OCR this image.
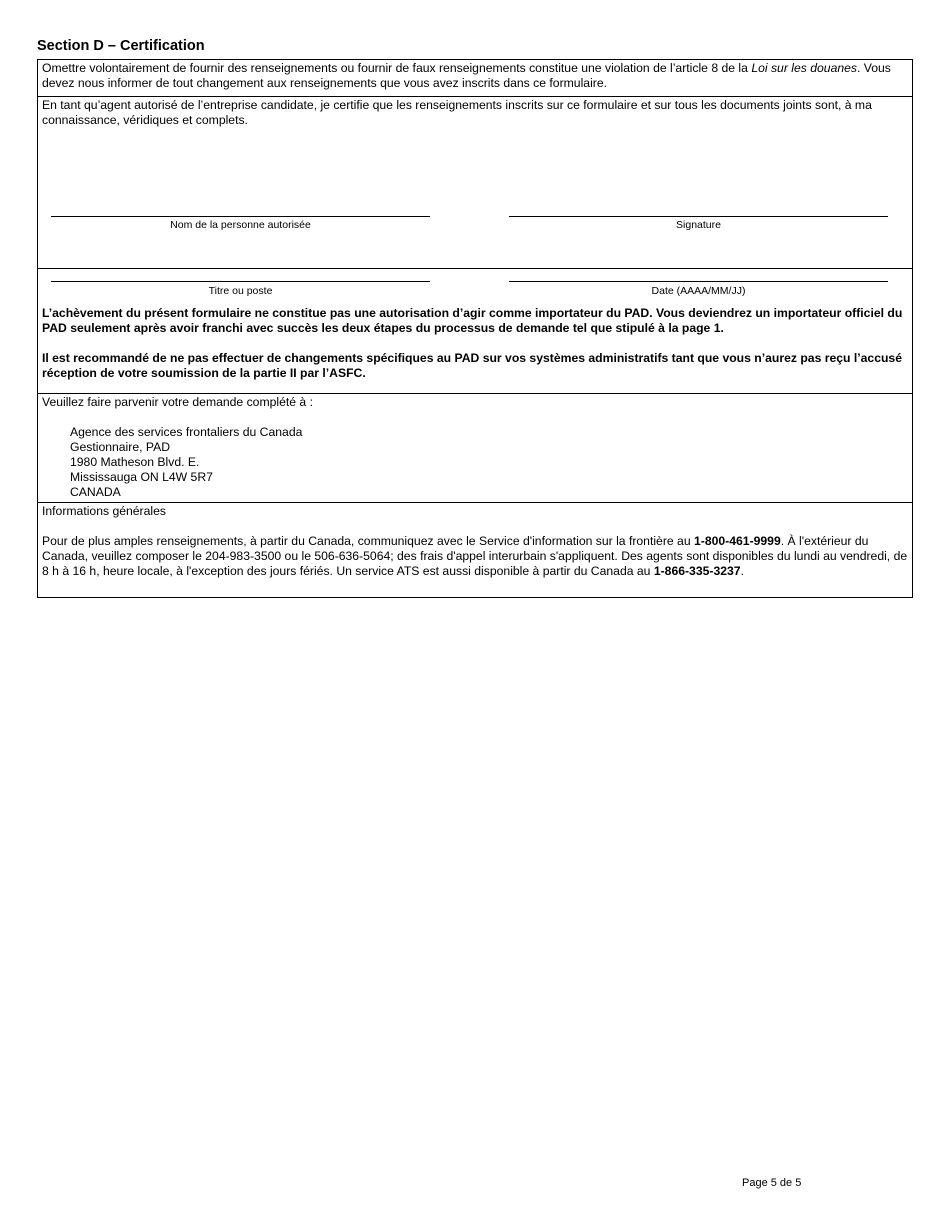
Section D – Certification

Omettre volontairement de fournir des renseignements ou fournir de faux renseignements constitue une violation de l’article 8 de la Loi sur les douanes. Vous devez nous informer de tout changement aux renseignements que vous avez inscrits dans ce formulaire.

En tant qu’agent autorisé de l’entreprise candidate, je certifie que les renseignements inscrits sur ce formulaire et sur tous les documents joints sont, à ma connaissance, véridiques et complets.

Nom de la personne autorisée	Signature
Titre ou poste	Date (AAAA/MM/JJ)

L’achèvement du présent formulaire ne constitue pas une autorisation d’agir comme importateur du PAD. Vous deviendrez un importateur officiel du PAD seulement après avoir franchi avec succès les deux étapes du processus de demande tel que stipulé à la page 1.

Il est recommandé de ne pas effectuer de changements spécifiques au PAD sur vos systèmes administratifs tant que vous n’aurez pas reçu l’accusé réception de votre soumission de la partie II par l’ASFC.

Veuillez faire parvenir votre demande complété à :

Agence des services frontaliers du Canada
Gestionnaire, PAD
1980 Matheson Blvd. E.
Mississauga ON L4W 5R7
CANADA

Informations générales

Pour de plus amples renseignements, à partir du Canada, communiquez avec le Service d'information sur la frontière au 1-800-461-9999. À l'extérieur du Canada, veuillez composer le 204-983-3500 ou le 506-636-5064; des frais d'appel interurbain s'appliquent. Des agents sont disponibles du lundi au vendredi, de 8 h à 16 h, heure locale, à l'exception des jours fériés. Un service ATS est aussi disponible à partir du Canada au 1-866-335-3237.

Page 5 de 5
